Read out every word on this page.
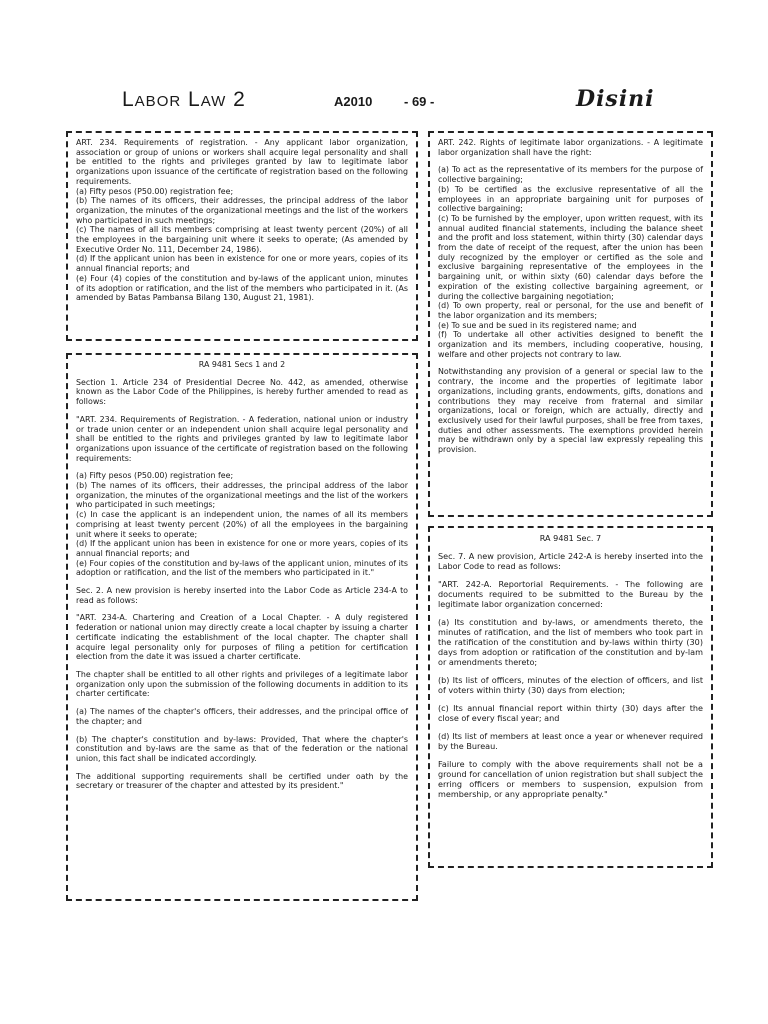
Labor Law 2	A2010 - 69 -	Disini

ART. 234. Requirements of registration. - Any applicant labor organization, association or group of unions or workers shall acquire legal personality and shall be entitled to the rights and privileges granted by law to legitimate labor organizations upon issuance of the certificate of registration based on the following requirements.

(a) Fifty pesos (P50.00) registration fee;

(b) The names of its officers, their addresses, the principal address of the labor organization, the minutes of the organizational meetings and the list of the workers who participated in such meetings;

(c) The names of all its members comprising at least twenty percent (20%) of all the employees in the bargaining unit where it seeks to operate; (As amended by Executive Order No. 111, December 24, 1986).

(d) If the applicant union has been in existence for one or more years, copies of its annual financial reports; and

(e) Four (4) copies of the constitution and by-laws of the applicant union, minutes of its adoption or ratification, and the list of the members who participated in it. (As amended by Batas Pambansa Bilang 130, August 21, 1981).

RA 9481 Secs 1 and 2

Section 1. Article 234 of Presidential Decree No. 442, as amended, otherwise known as the Labor Code of the Philippines, is hereby further amended to read as follows:

"ART. 234. Requirements of Registration. - A federation, national union or industry or trade union center or an independent union shall acquire legal personality and shall be entitled to the rights and privileges granted by law to legitimate labor organizations upon issuance of the certificate of registration based on the following requirements:

(a) Fifty pesos (P50.00) registration fee;

(b) The names of its officers, their addresses, the principal address of the labor organization, the minutes of the organizational meetings and the list of the workers who participated in such meetings;

(c) In case the applicant is an independent union, the names of all its members comprising at least twenty percent (20%) of all the employees in the bargaining unit where it seeks to operate;

(d) If the applicant union has been in existence for one or more years, copies of its annual financial reports; and

(e) Four copies of the constitution and by-laws of the applicant union, minutes of its adoption or ratification, and the list of the members who participated in it."

Sec. 2. A new provision is hereby inserted into the Labor Code as Article 234-A to read as follows:

"ART. 234-A. Chartering and Creation of a Local Chapter. - A duly registered federation or national union may directly create a local chapter by issuing a charter certificate indicating the establishment of the local chapter. The chapter shall acquire legal personality only for purposes of filing a petition for certification election from the date it was issued a charter certificate.

The chapter shall be entitled to all other rights and privileges of a legitimate labor organization only upon the submission of the following documents in addition to its charter certificate:

(a) The names of the chapter's officers, their addresses, and the principal office of the chapter; and

(b) The chapter's constitution and by-laws: Provided, That where the chapter's constitution and by-laws are the same as that of the federation or the national union, this fact shall be indicated accordingly.

The additional supporting requirements shall be certified under oath by the secretary or treasurer of the chapter and attested by its president."

ART. 242. Rights of legitimate labor organizations. - A legitimate labor organization shall have the right:

(a) To act as the representative of its members for the purpose of collective bargaining;

(b) To be certified as the exclusive representative of all the employees in an appropriate bargaining unit for purposes of collective bargaining;

(c) To be furnished by the employer, upon written request, with its annual audited financial statements, including the balance sheet and the profit and loss statement, within thirty (30) calendar days from the date of receipt of the request, after the union has been duly recognized by the employer or certified as the sole and exclusive bargaining representative of the employees in the bargaining unit, or within sixty (60) calendar days before the expiration of the existing collective bargaining agreement, or during the collective bargaining negotiation;

(d) To own property, real or personal, for the use and benefit of the labor organization and its members;

(e) To sue and be sued in its registered name; and

(f) To undertake all other activities designed to benefit the organization and its members, including cooperative, housing, welfare and other projects not contrary to law.

Notwithstanding any provision of a general or special law to the contrary, the income and the properties of legitimate labor organizations, including grants, endowments, gifts, donations and contributions they may receive from fraternal and similar organizations, local or foreign, which are actually, directly and exclusively used for their lawful purposes, shall be free from taxes, duties and other assessments. The exemptions provided herein may be withdrawn only by a special law expressly repealing this provision.

RA 9481 Sec. 7

Sec. 7. A new provision, Article 242-A is hereby inserted into the Labor Code to read as follows:

"ART. 242-A. Reportorial Requirements. - The following are documents required to be submitted to the Bureau by the legitimate labor organization concerned:

(a) Its constitution and by-laws, or amendments thereto, the minutes of ratification, and the list of members who took part in the ratification of the constitution and by-laws within thirty (30) days from adoption or ratification of the constitution and by-lam or amendments thereto;

(b) Its list of officers, minutes of the election of officers, and list of voters within thirty (30) days from election;

(c) Its annual financial report within thirty (30) days after the close of every fiscal year; and

(d) Its list of members at least once a year or whenever required by the Bureau.

Failure to comply with the above requirements shall not be a ground for cancellation of union registration but shall subject the erring officers or members to suspension, expulsion from membership, or any appropriate penalty."
